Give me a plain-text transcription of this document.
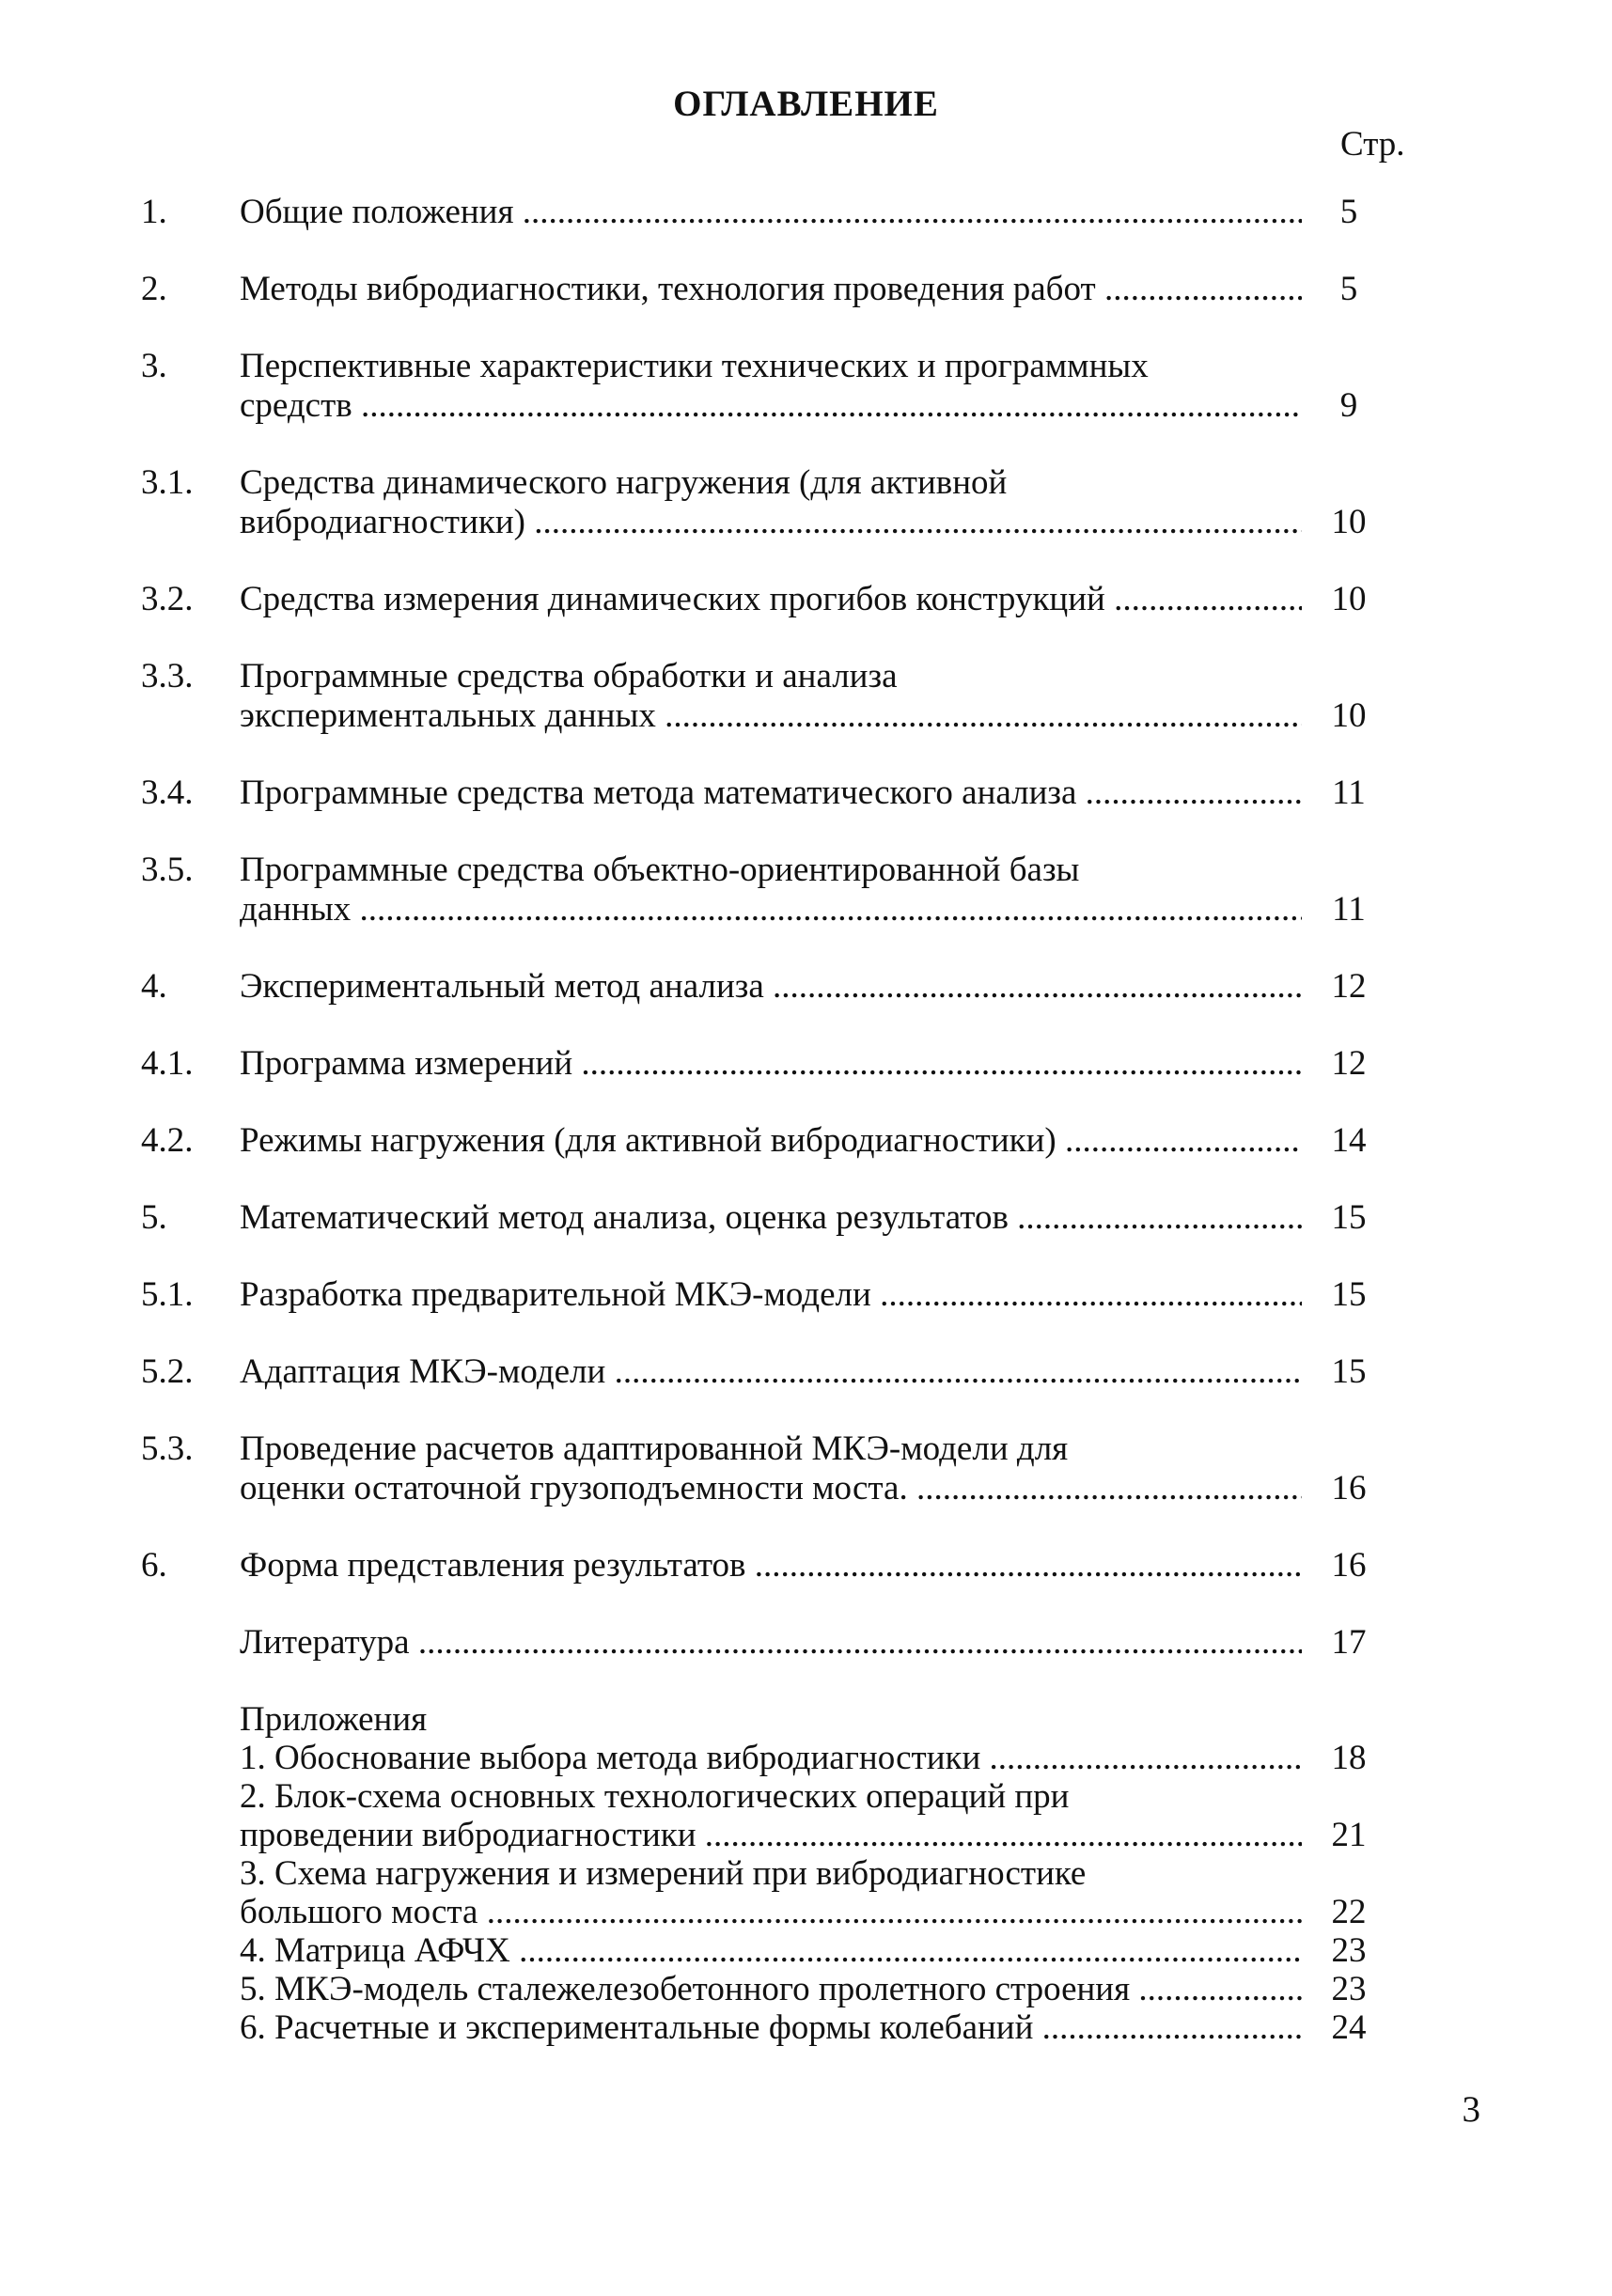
ОГЛАВЛЕНИЕ
Стр.
1. Общие положения .....	5
2. Методы вибродиагностики, технология проведения работ .....	5
3. Перспективные характеристики технических и программных
средств .....	9
3.1. Средства динамического нагружения (для активной
вибродиагностики) .....	10
3.2. Средства измерения динамических прогибов конструкций .....	10
3.3. Программные средства обработки и анализа
экспериментальных данных .....	10
3.4. Программные средства метода математического анализа .....	11
3.5. Программные средства объектно-ориентированной базы
данных .....	11
4. Экспериментальный метод анализа .....	12
4.1. Программа измерений .....	12
4.2. Режимы нагружения (для активной вибродиагностики) .....	14
5. Математический метод анализа, оценка результатов .....	15
5.1. Разработка предварительной МКЭ-модели .....	15
5.2. Адаптация МКЭ-модели .....	15
5.3. Проведение расчетов адаптированной МКЭ-модели для
оценки остаточной грузоподъемности моста. .....	16
6. Форма представления результатов .....	16
Литература .....	17
Приложения
1. Обоснование выбора метода вибродиагностики .....	18
2. Блок-схема основных технологических операций при
проведении вибродиагностики .....	21
3. Схема нагружения и измерений при вибродиагностике
большого моста .....	22
4. Матрица АФЧХ .....	23
5. МКЭ-модель сталежелезобетонного пролетного строения .....	23
6. Расчетные и экспериментальные формы колебаний .....	24
3
